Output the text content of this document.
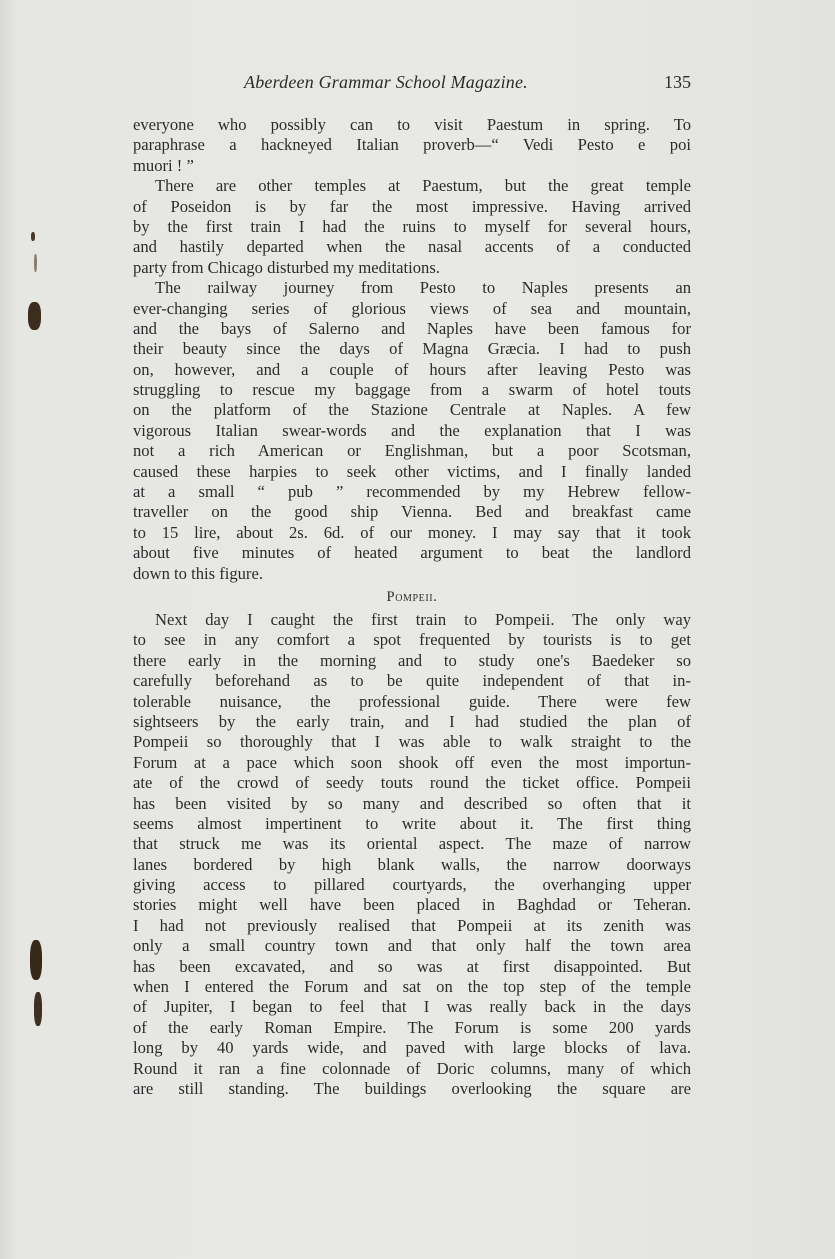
Aberdeen Grammar School Magazine.	135
everyone who possibly can to visit Paestum in spring. To
paraphrase a hackneyed Italian proverb—“ Vedi Pesto e poi
muori ! ”
There are other temples at Paestum, but the great temple
of Poseidon is by far the most impressive. Having arrived
by the first train I had the ruins to myself for several hours,
and hastily departed when the nasal accents of a conducted
party from Chicago disturbed my meditations.
The railway journey from Pesto to Naples presents an
ever-changing series of glorious views of sea and mountain,
and the bays of Salerno and Naples have been famous for
their beauty since the days of Magna Græcia. I had to push
on, however, and a couple of hours after leaving Pesto was
struggling to rescue my baggage from a swarm of hotel touts
on the platform of the Stazione Centrale at Naples. A few
vigorous Italian swear-words and the explanation that I was
not a rich American or Englishman, but a poor Scotsman,
caused these harpies to seek other victims, and I finally landed
at a small “ pub ” recommended by my Hebrew fellow-
traveller on the good ship Vienna. Bed and breakfast came
to 15 lire, about 2s. 6d. of our money. I may say that it took
about five minutes of heated argument to beat the landlord
down to this figure.
Pompeii.
Next day I caught the first train to Pompeii. The only way
to see in any comfort a spot frequented by tourists is to get
there early in the morning and to study one's Baedeker so
carefully beforehand as to be quite independent of that in-
tolerable nuisance, the professional guide. There were few
sightseers by the early train, and I had studied the plan of
Pompeii so thoroughly that I was able to walk straight to the
Forum at a pace which soon shook off even the most importun-
ate of the crowd of seedy touts round the ticket office. Pompeii
has been visited by so many and described so often that it
seems almost impertinent to write about it. The first thing
that struck me was its oriental aspect. The maze of narrow
lanes bordered by high blank walls, the narrow doorways
giving access to pillared courtyards, the overhanging upper
stories might well have been placed in Baghdad or Teheran.
I had not previously realised that Pompeii at its zenith was
only a small country town and that only half the town area
has been excavated, and so was at first disappointed. But
when I entered the Forum and sat on the top step of the temple
of Jupiter, I began to feel that I was really back in the days
of the early Roman Empire. The Forum is some 200 yards
long by 40 yards wide, and paved with large blocks of lava.
Round it ran a fine colonnade of Doric columns, many of which
are still standing. The buildings overlooking the square are
